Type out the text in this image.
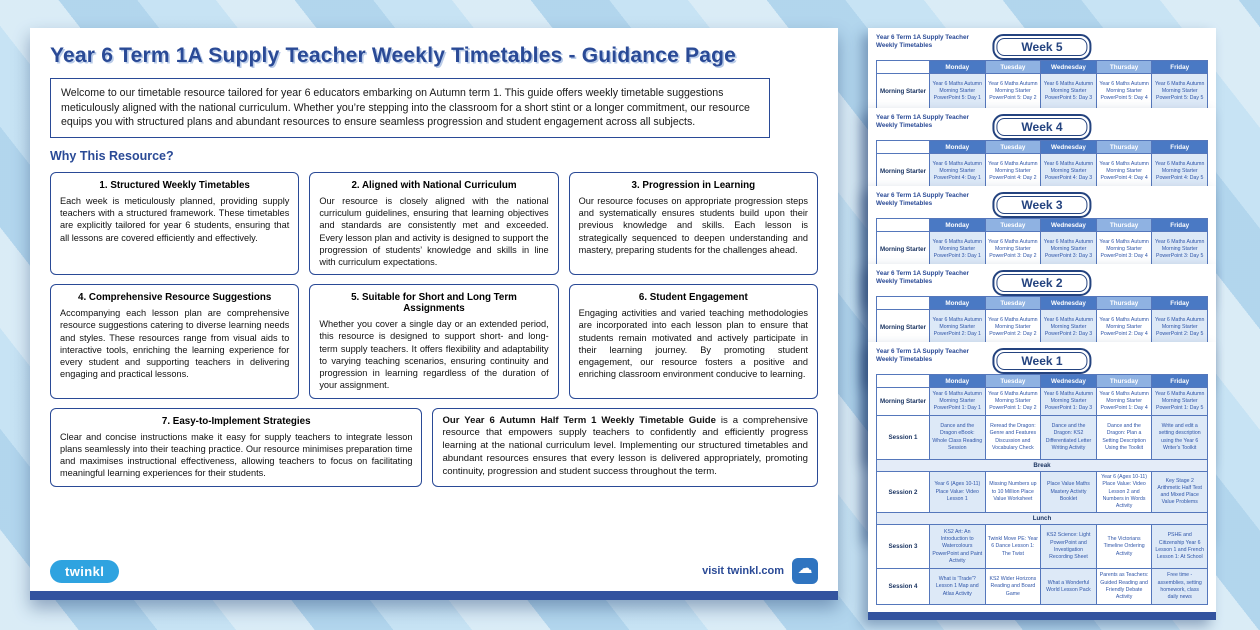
Year 6 Term 1A Supply Teacher Weekly Timetables - Guidance Page
Welcome to our timetable resource tailored for year 6 educators embarking on Autumn term 1. This guide offers weekly timetable suggestions meticulously aligned with the national curriculum. Whether you’re stepping into the classroom for a short stint or a longer commitment, our resource equips you with structured plans and abundant resources to ensure seamless progression and student engagement across all subjects.
Why This Resource?
1. Structured Weekly Timetables
Each week is meticulously planned, providing supply teachers with a structured framework. These timetables are explicitly tailored for year 6 students, ensuring that all lessons are covered efficiently and effectively.
2. Aligned with National Curriculum
Our resource is closely aligned with the national curriculum guidelines, ensuring that learning objectives and standards are consistently met and exceeded. Every lesson plan and activity is designed to support the progression of students’ knowledge and skills in line with curriculum expectations.
3. Progression in Learning
Our resource focuses on appropriate progression steps and systematically ensures students build upon their previous knowledge and skills. Each lesson is strategically sequenced to deepen understanding and mastery, preparing students for the challenges ahead.
4. Comprehensive Resource Suggestions
Accompanying each lesson plan are comprehensive resource suggestions catering to diverse learning needs and styles. These resources range from visual aids to interactive tools, enriching the learning experience for every student and supporting teachers in delivering engaging and practical lessons.
5. Suitable for Short and Long Term Assignments
Whether you cover a single day or an extended period, this resource is designed to support short- and long-term supply teachers. It offers flexibility and adaptability to varying teaching scenarios, ensuring continuity and progression in learning regardless of the duration of your assignment.
6. Student Engagement
Engaging activities and varied teaching methodologies are incorporated into each lesson plan to ensure that students remain motivated and actively participate in their learning journey. By promoting student engagement, our resource fosters a positive and enriching classroom environment conducive to learning.
7. Easy-to-Implement Strategies
Clear and concise instructions make it easy for supply teachers to integrate lesson plans seamlessly into their teaching practice. Our resource minimises preparation time and maximises instructional effectiveness, allowing teachers to focus on facilitating meaningful learning experiences for their students.
Our Year 6 Autumn Half Term 1 Weekly Timetable Guide is a comprehensive resource that empowers supply teachers to confidently and efficiently progress learning at the national curriculum level. Implementing our structured timetables and abundant resources ensures that every lesson is delivered appropriately, promoting continuity, progression and student success throughout the term.
twinkl	visit twinkl.com
☁
Year 6 Term 1A Supply Teacher
Weekly Timetables	Week 5
	Monday	Tuesday	Wednesday	Thursday	Friday
Morning Starter	Year 6 Maths Autumn Morning Starter PowerPoint 5: Day 1	Year 6 Maths Autumn Morning Starter PowerPoint 5: Day 2	Year 6 Maths Autumn Morning Starter PowerPoint 5: Day 3	Year 6 Maths Autumn Morning Starter PowerPoint 5: Day 4	Year 6 Maths Autumn Morning Starter PowerPoint 5: Day 5
Year 6 Term 1A Supply Teacher
Weekly Timetables	Week 4
	Monday	Tuesday	Wednesday	Thursday	Friday
Morning Starter	Year 6 Maths Autumn Morning Starter PowerPoint 4: Day 1	Year 6 Maths Autumn Morning Starter PowerPoint 4: Day 2	Year 6 Maths Autumn Morning Starter PowerPoint 4: Day 3	Year 6 Maths Autumn Morning Starter PowerPoint 4: Day 4	Year 6 Maths Autumn Morning Starter PowerPoint 4: Day 5
Year 6 Term 1A Supply Teacher
Weekly Timetables	Week 3
	Monday	Tuesday	Wednesday	Thursday	Friday
Morning Starter	Year 6 Maths Autumn Morning Starter PowerPoint 3: Day 1	Year 6 Maths Autumn Morning Starter PowerPoint 3: Day 2	Year 6 Maths Autumn Morning Starter PowerPoint 3: Day 3	Year 6 Maths Autumn Morning Starter PowerPoint 3: Day 4	Year 6 Maths Autumn Morning Starter PowerPoint 3: Day 5
Year 6 Term 1A Supply Teacher
Weekly Timetables	Week 2
	Monday	Tuesday	Wednesday	Thursday	Friday
Morning Starter	Year 6 Maths Autumn Morning Starter PowerPoint 2: Day 1	Year 6 Maths Autumn Morning Starter PowerPoint 2: Day 2	Year 6 Maths Autumn Morning Starter PowerPoint 2: Day 3	Year 6 Maths Autumn Morning Starter PowerPoint 2: Day 4	Year 6 Maths Autumn Morning Starter PowerPoint 2: Day 5
Year 6 Term 1A Supply Teacher
Weekly Timetables	Week 1
	Monday	Tuesday	Wednesday	Thursday	Friday
Morning Starter	Year 6 Maths Autumn Morning Starter PowerPoint 1: Day 1	Year 6 Maths Autumn Morning Starter PowerPoint 1: Day 2	Year 6 Maths Autumn Morning Starter PowerPoint 1: Day 3	Year 6 Maths Autumn Morning Starter PowerPoint 1: Day 4	Year 6 Maths Autumn Morning Starter PowerPoint 1: Day 5
Session 1	Dance and the Dragon eBook: Whole Class Reading Session	Reread the Dragon: Genre and Features Discussion and Vocabulary Check	Dance and the Dragon: KS2 Differentiated Letter Writing Activity	Dance and the Dragon: Plan a Setting Description Using the Toolkit	Write and edit a setting description using the Year 6 Writer's Toolkit
Break					
Session 2	Year 6 (Ages 10-11) Place Value: Video Lesson 1	Missing Numbers up to 10 Million Place Value Worksheet	Place Value Maths Mastery Activity Booklet	Year 6 (Ages 10-11) Place Value: Video Lesson 2 and Numbers in Words Activity	Key Stage 2 Arithmetic Half Test and Mixed Place Value Problems
Lunch					
Session 3	KS2 Art: An Introduction to Watercolours PowerPoint and Paint Activity	Twinkl Move PE: Year 6 Dance Lesson 1: The Twist	KS2 Science: Light PowerPoint and Investigation Recording Sheet	The Victorians Timeline Ordering Activity	PSHE and Citizenship Year 6 Lesson 1 and French Lesson 1: At School
Session 4	What is 'Trade'? Lesson 1 Map and Atlas Activity	KS2 Wider Horizons Reading and Board Game	What a Wonderful World Lesson Pack	Parents as Teachers: Guided Reading and Friendly Debate Activity	Free time - assemblies, setting homework, class daily news
